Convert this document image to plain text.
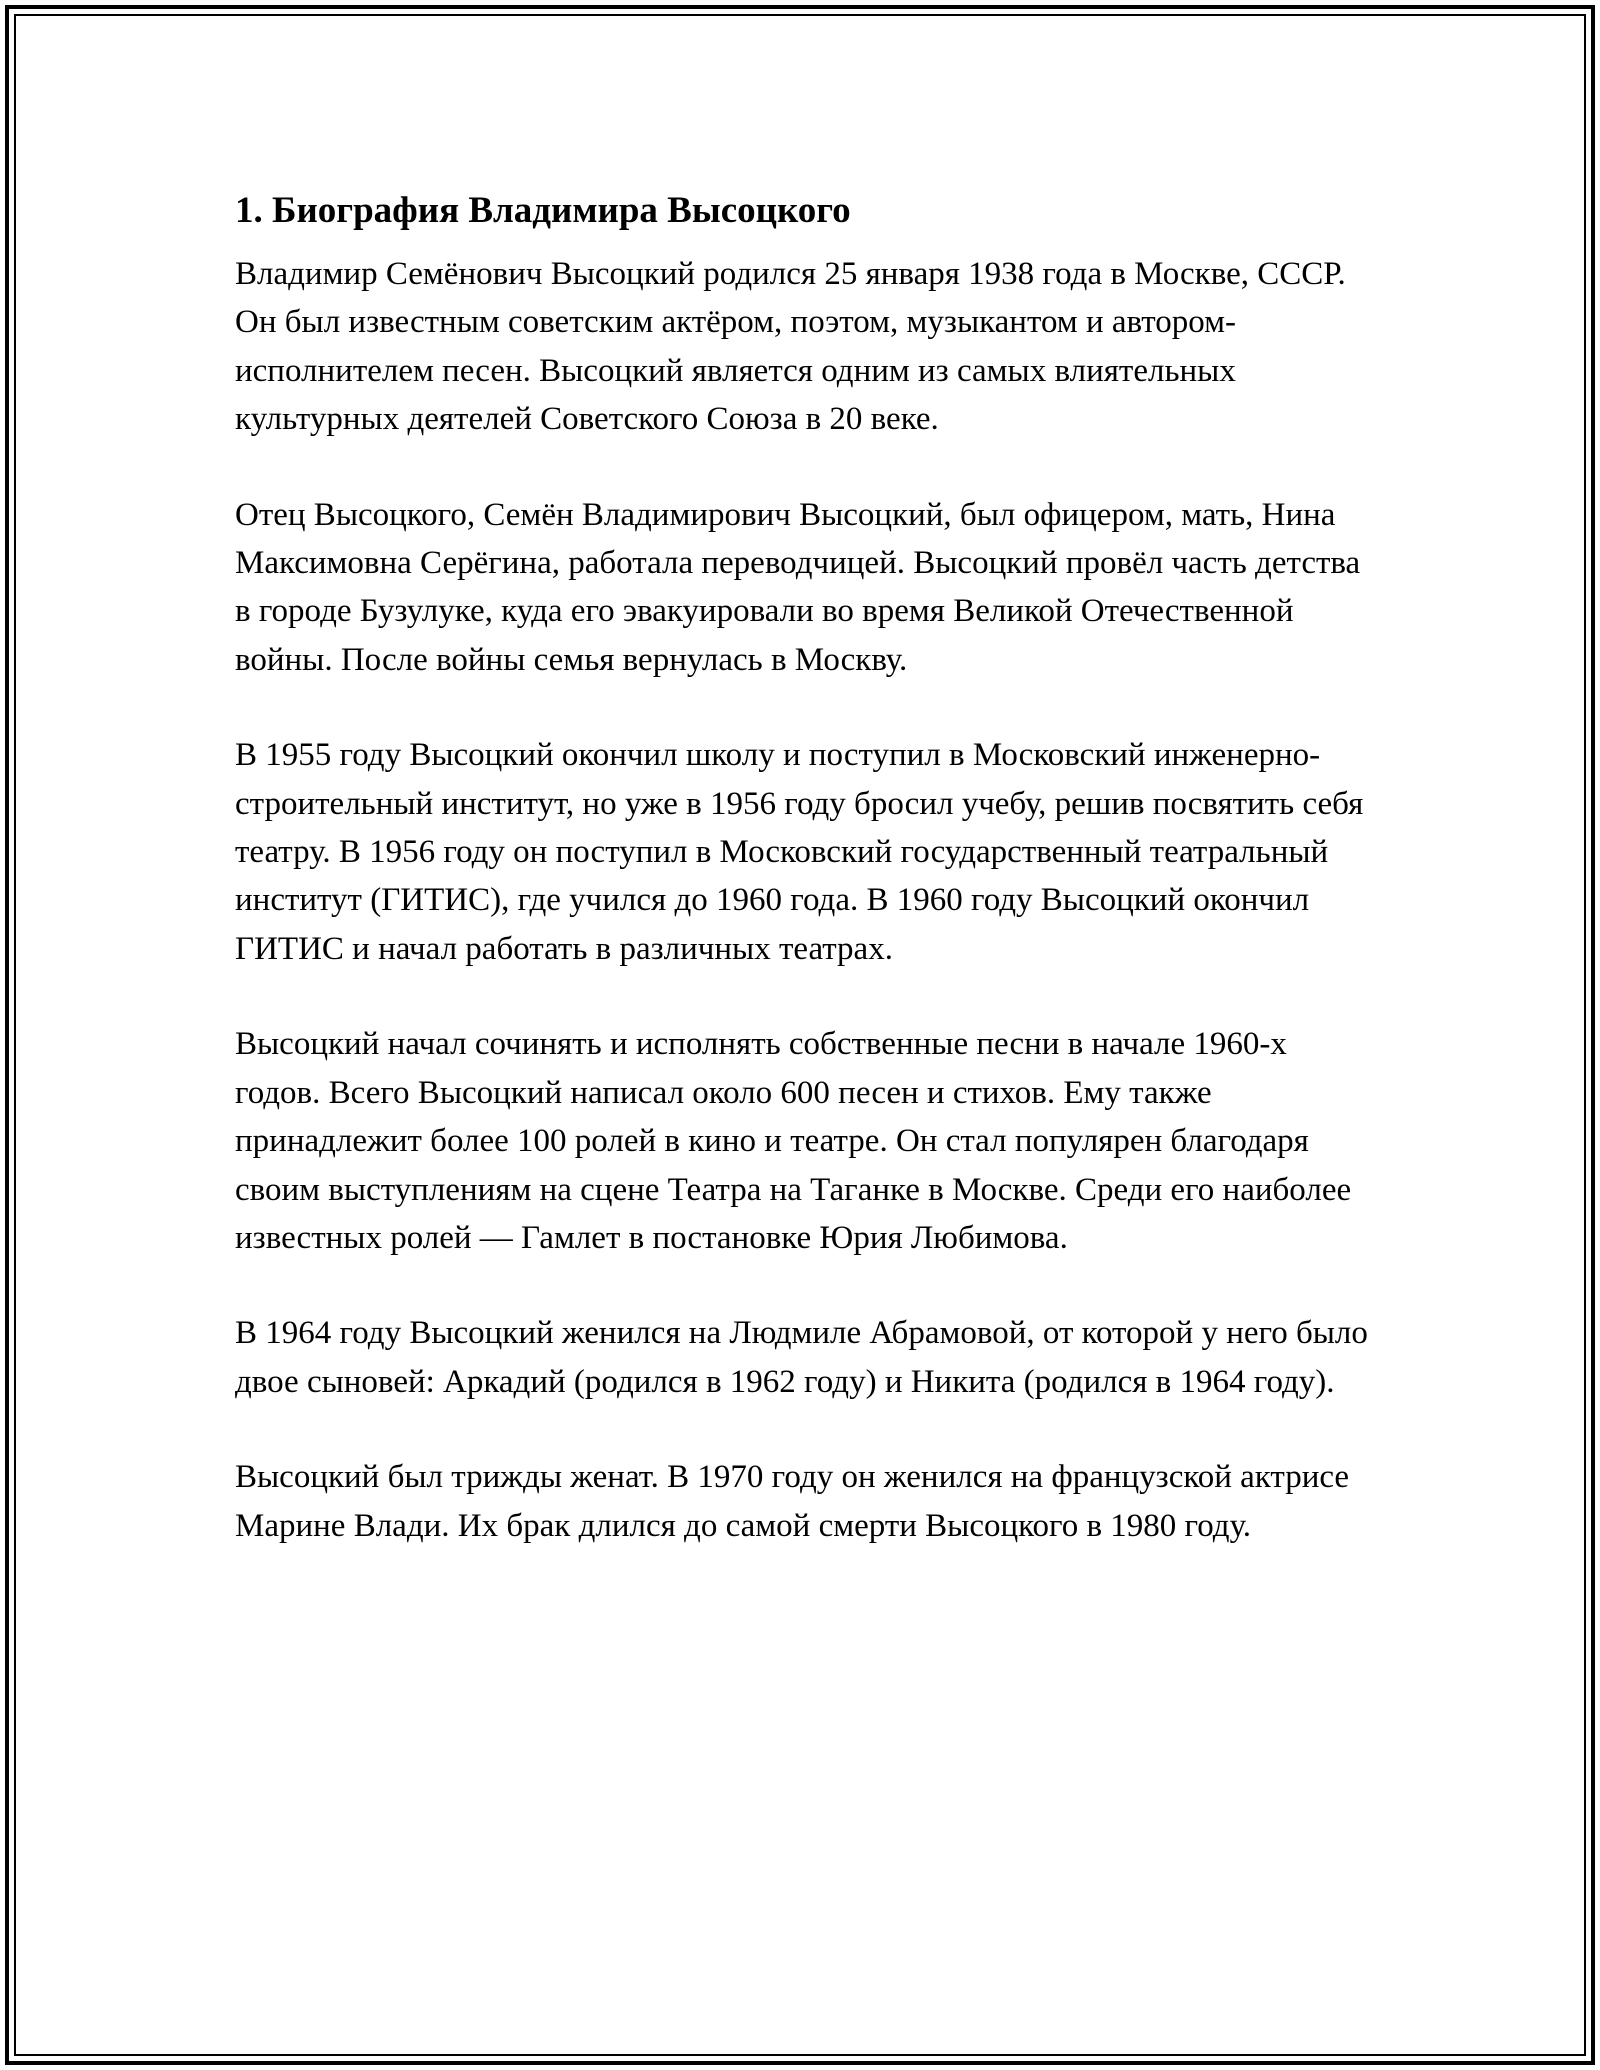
1. Биография Владимира Высоцкого

Владимир Семёнович Высоцкий родился 25 января 1938 года в Москве, СССР. Он был известным советским актёром, поэтом, музыкантом и автором-исполнителем песен. Высоцкий является одним из самых влиятельных культурных деятелей Советского Союза в 20 веке.

Отец Высоцкого, Семён Владимирович Высоцкий, был офицером, мать, Нина Максимовна Серёгина, работала переводчицей. Высоцкий провёл часть детства в городе Бузулуке, куда его эвакуировали во время Великой Отечественной войны. После войны семья вернулась в Москву.

В 1955 году Высоцкий окончил школу и поступил в Московский инженерно-строительный институт, но уже в 1956 году бросил учебу, решив посвятить себя театру. В 1956 году он поступил в Московский государственный театральный институт (ГИТИС), где учился до 1960 года. В 1960 году Высоцкий окончил ГИТИС и начал работать в различных театрах.

Высоцкий начал сочинять и исполнять собственные песни в начале 1960-х годов. Всего Высоцкий написал около 600 песен и стихов. Ему также принадлежит более 100 ролей в кино и театре. Он стал популярен благодаря своим выступлениям на сцене Театра на Таганке в Москве. Среди его наиболее известных ролей — Гамлет в постановке Юрия Любимова.

В 1964 году Высоцкий женился на Людмиле Абрамовой, от которой у него было двое сыновей: Аркадий (родился в 1962 году) и Никита (родился в 1964 году).

Высоцкий был трижды женат. В 1970 году он женился на французской актрисе Марине Влади. Их брак длился до самой смерти Высоцкого в 1980 году.
